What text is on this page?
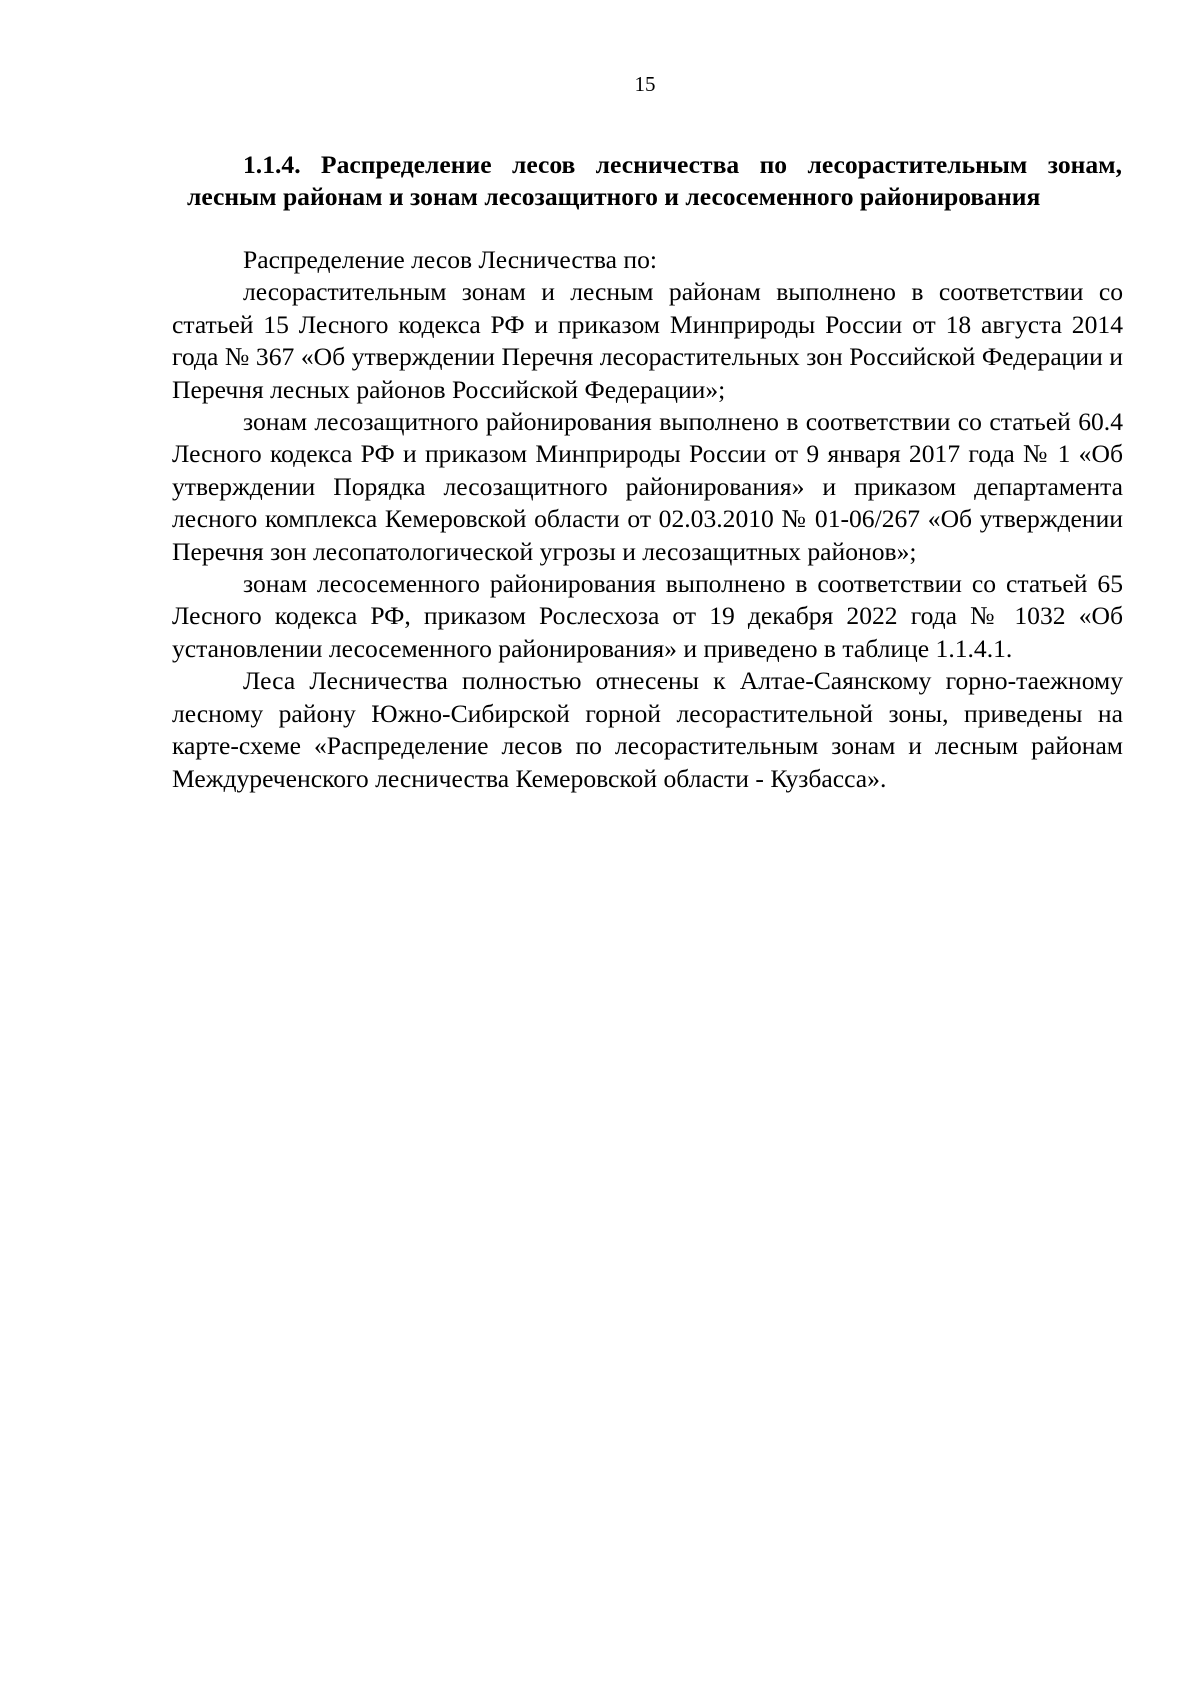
15
1.1.4. Распределение лесов лесничества по лесорастительным зонам, лесным районам и зонам лесозащитного и лесосеменного районирования

Распределение лесов Лесничества по:

лесорастительным зонам и лесным районам выполнено в соответствии со статьей 15 Лесного кодекса РФ и приказом Минприроды России от 18 августа 2014 года № 367 «Об утверждении Перечня лесорастительных зон Российской Федерации и Перечня лесных районов Российской Федерации»;

зонам лесозащитного районирования выполнено в соответствии со статьей 60.4 Лесного кодекса РФ и приказом Минприроды России от 9 января 2017 года № 1 «Об утверждении Порядка лесозащитного районирования» и приказом департамента лесного комплекса Кемеровской области от 02.03.2010 № 01-06/267 «Об утверждении Перечня зон лесопатологической угрозы и лесозащитных районов»;

зонам лесосеменного районирования выполнено в соответствии со статьей 65 Лесного кодекса РФ, приказом Рослесхоза от 19 декабря 2022 года № 1032 «Об установлении лесосеменного районирования» и приведено в таблице 1.1.4.1.

Леса Лесничества полностью отнесены к Алтае-Саянскому горно-таежному лесному району Южно-Сибирской горной лесорастительной зоны, приведены на карте-схеме «Распределение лесов по лесорастительным зонам и лесным районам Междуреченского лесничества Кемеровской области - Кузбасса».
